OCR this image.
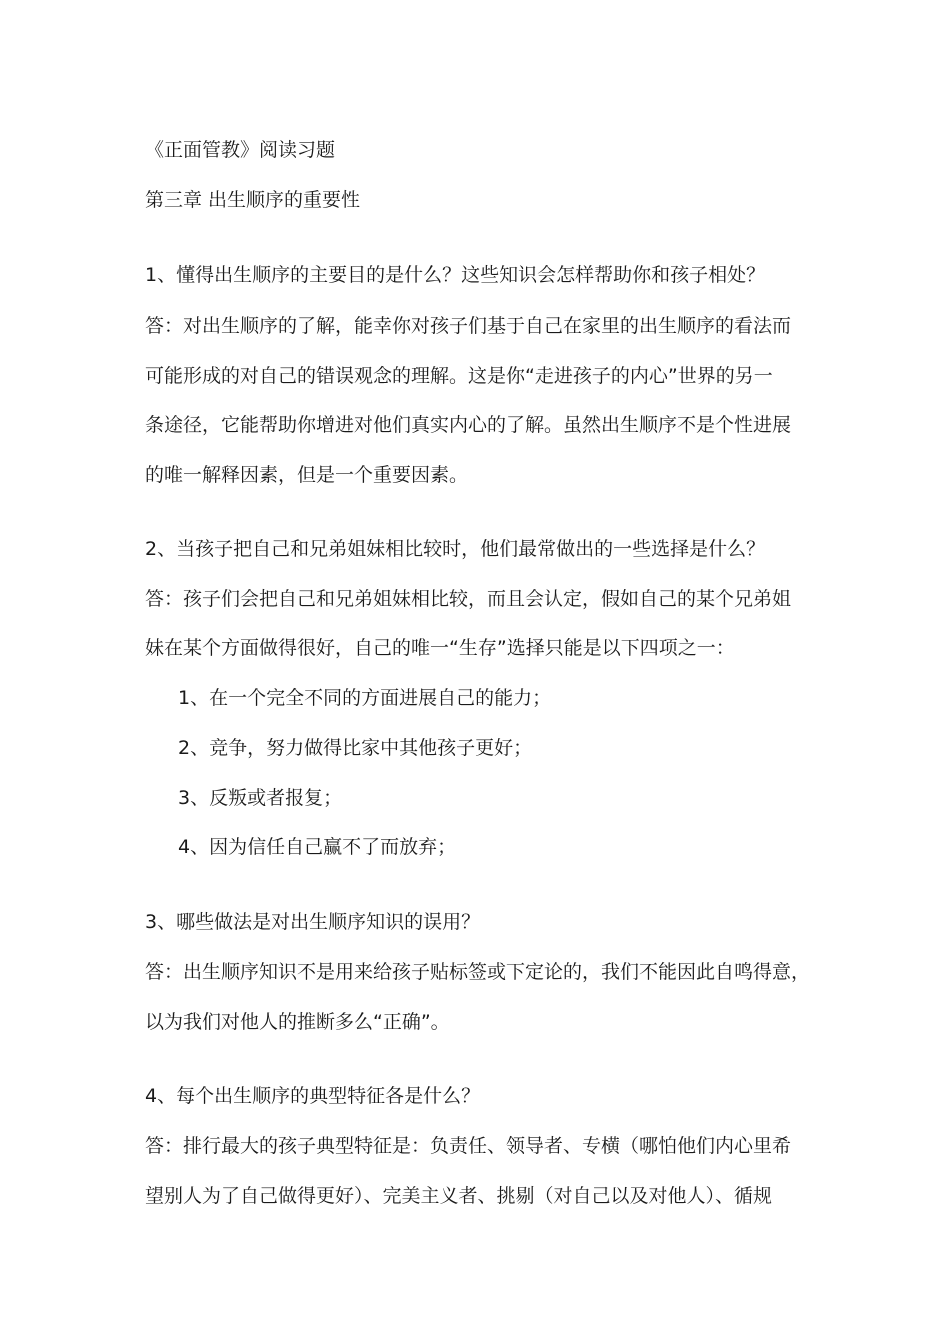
《正面管教》阅读习题
第三章 出生顺序的重要性
1、懂得出生顺序的主要目的是什么？这些知识会怎样帮助你和孩子相处？
答：对出生顺序的了解，能幸你对孩子们基于自己在家里的出生顺序的看法而
可能形成的对自己的错误观念的理解。这是你“走进孩子的内心”世界的另一
条途径，它能帮助你增进对他们真实内心的了解。虽然出生顺序不是个性进展
的唯一解释因素，但是一个重要因素。
2、当孩子把自己和兄弟姐妹相比较时，他们最常做出的一些选择是什么？
答：孩子们会把自己和兄弟姐妹相比较，而且会认定，假如自己的某个兄弟姐
妹在某个方面做得很好，自己的唯一“生存”选择只能是以下四项之一：
1、在一个完全不同的方面进展自己的能力；
2、竞争，努力做得比家中其他孩子更好；
3、反叛或者报复；
4、因为信任自己赢不了而放弃；
3、哪些做法是对出生顺序知识的误用？
答：出生顺序知识不是用来给孩子贴标签或下定论的，我们不能因此自鸣得意，
以为我们对他人的推断多么“正确”。
4、每个出生顺序的典型特征各是什么？
答：排行最大的孩子典型特征是：负责任、领导者、专横（哪怕他们内心里希
望别人为了自己做得更好）、完美主义者、挑剔（对自己以及对他人）、循规
